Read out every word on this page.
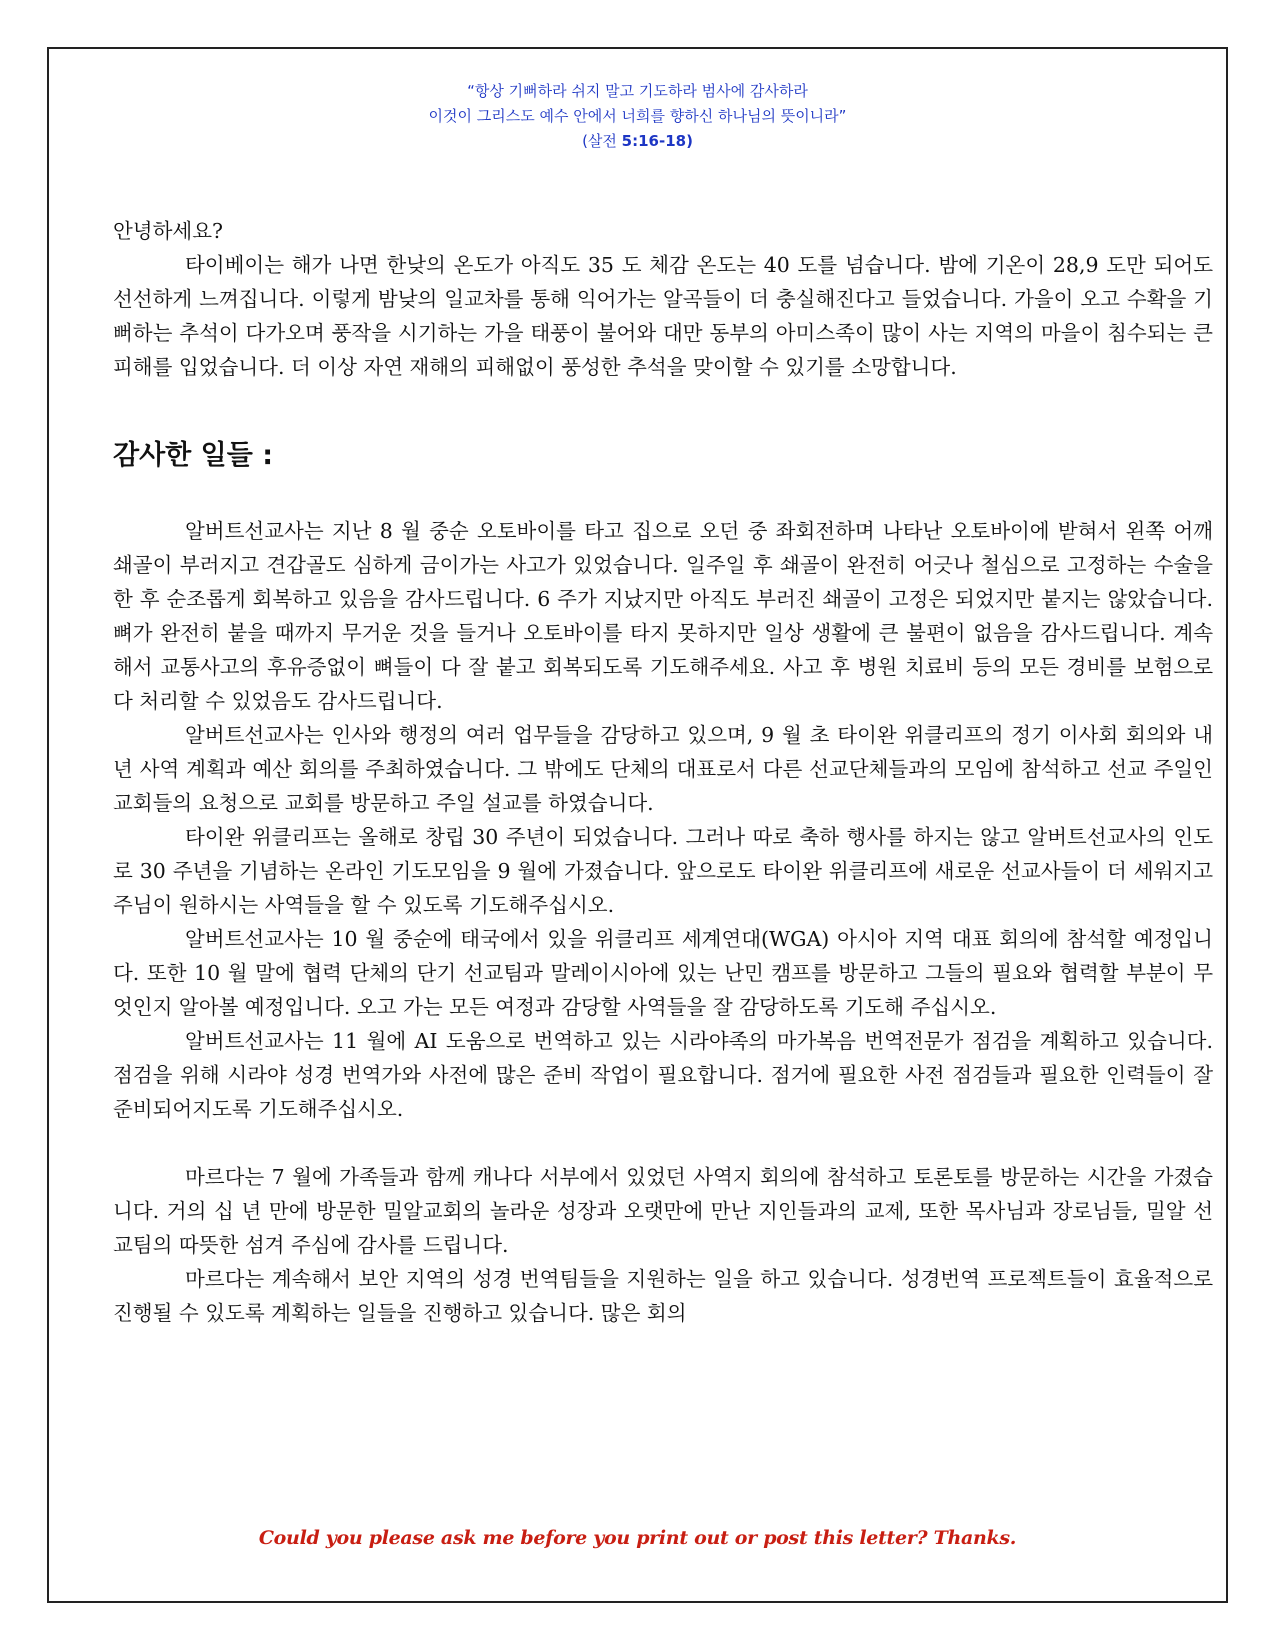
“항상 기뻐하라 쉬지 말고 기도하라 범사에 감사하라
이것이 그리스도 예수 안에서 너희를 향하신 하나님의 뜻이니라”
(살전 5:16-18)

안녕하세요?

타이베이는 해가 나면 한낮의 온도가 아직도 35 도 체감 온도는 40 도를 넘습니다. 밤에 기온이 28,9 도만 되어도 선선하게 느껴집니다. 이렇게 밤낮의 일교차를 통해 익어가는 알곡들이 더 충실해진다고 들었습니다. 가을이 오고 수확을 기뻐하는 추석이 다가오며 풍작을 시기하는 가을 태풍이 불어와 대만 동부의 아미스족이 많이 사는 지역의 마을이 침수되는 큰 피해를 입었습니다. 더 이상 자연 재해의 피해없이 풍성한 추석을 맞이할 수 있기를 소망합니다.

감사한 일들 :

알버트선교사는 지난 8 월 중순 오토바이를 타고 집으로 오던 중 좌회전하며 나타난 오토바이에 받혀서 왼쪽 어깨 쇄골이 부러지고 견갑골도 심하게 금이가는 사고가 있었습니다. 일주일 후 쇄골이 완전히 어긋나 철심으로 고정하는 수술을 한 후 순조롭게 회복하고 있음을 감사드립니다. 6 주가 지났지만 아직도 부러진 쇄골이 고정은 되었지만 붙지는 않았습니다. 뼈가 완전히 붙을 때까지 무거운 것을 들거나 오토바이를 타지 못하지만 일상 생활에 큰 불편이 없음을 감사드립니다. 계속해서 교통사고의 후유증없이 뼈들이 다 잘 붙고 회복되도록 기도해주세요. 사고 후 병원 치료비 등의 모든 경비를 보험으로 다 처리할 수 있었음도 감사드립니다.

알버트선교사는 인사와 행정의 여러 업무들을 감당하고 있으며, 9 월 초 타이완 위클리프의 정기 이사회 회의와 내년 사역 계획과 예산 회의를 주최하였습니다. 그 밖에도 단체의 대표로서 다른 선교단체들과의 모임에 참석하고 선교 주일인 교회들의 요청으로 교회를 방문하고 주일 설교를 하였습니다.

타이완 위클리프는 올해로 창립 30 주년이 되었습니다. 그러나 따로 축하 행사를 하지는 않고 알버트선교사의 인도로 30 주년을 기념하는 온라인 기도모임을 9 월에 가졌습니다. 앞으로도 타이완 위클리프에 새로운 선교사들이 더 세워지고 주님이 원하시는 사역들을 할 수 있도록 기도해주십시오.

알버트선교사는 10 월 중순에 태국에서 있을 위클리프 세계연대(WGA) 아시아 지역 대표 회의에 참석할 예정입니다. 또한 10 월 말에 협력 단체의 단기 선교팀과 말레이시아에 있는 난민 캠프를 방문하고 그들의 필요와 협력할 부분이 무엇인지 알아볼 예정입니다. 오고 가는 모든 여정과 감당할 사역들을 잘 감당하도록 기도해 주십시오.

알버트선교사는 11 월에 AI 도움으로 번역하고 있는 시라야족의 마가복음 번역전문가 점검을 계획하고 있습니다. 점검을 위해 시라야 성경 번역가와 사전에 많은 준비 작업이 필요합니다. 점거에 필요한 사전 점검들과 필요한 인력들이 잘 준비되어지도록 기도해주십시오.

마르다는 7 월에 가족들과 함께 캐나다 서부에서 있었던 사역지 회의에 참석하고 토론토를 방문하는 시간을 가졌습니다. 거의 십 년 만에 방문한 밀알교회의 놀라운 성장과 오랫만에 만난 지인들과의 교제, 또한 목사님과 장로님들, 밀알 선교팀의 따뜻한 섬겨 주심에 감사를 드립니다.

마르다는 계속해서 보안 지역의 성경 번역팀들을 지원하는 일을 하고 있습니다. 성경번역 프로젝트들이 효율적으로 진행될 수 있도록 계획하는 일들을 진행하고 있습니다. 많은 회의

Could you please ask me before you print out or post this letter? Thanks.
